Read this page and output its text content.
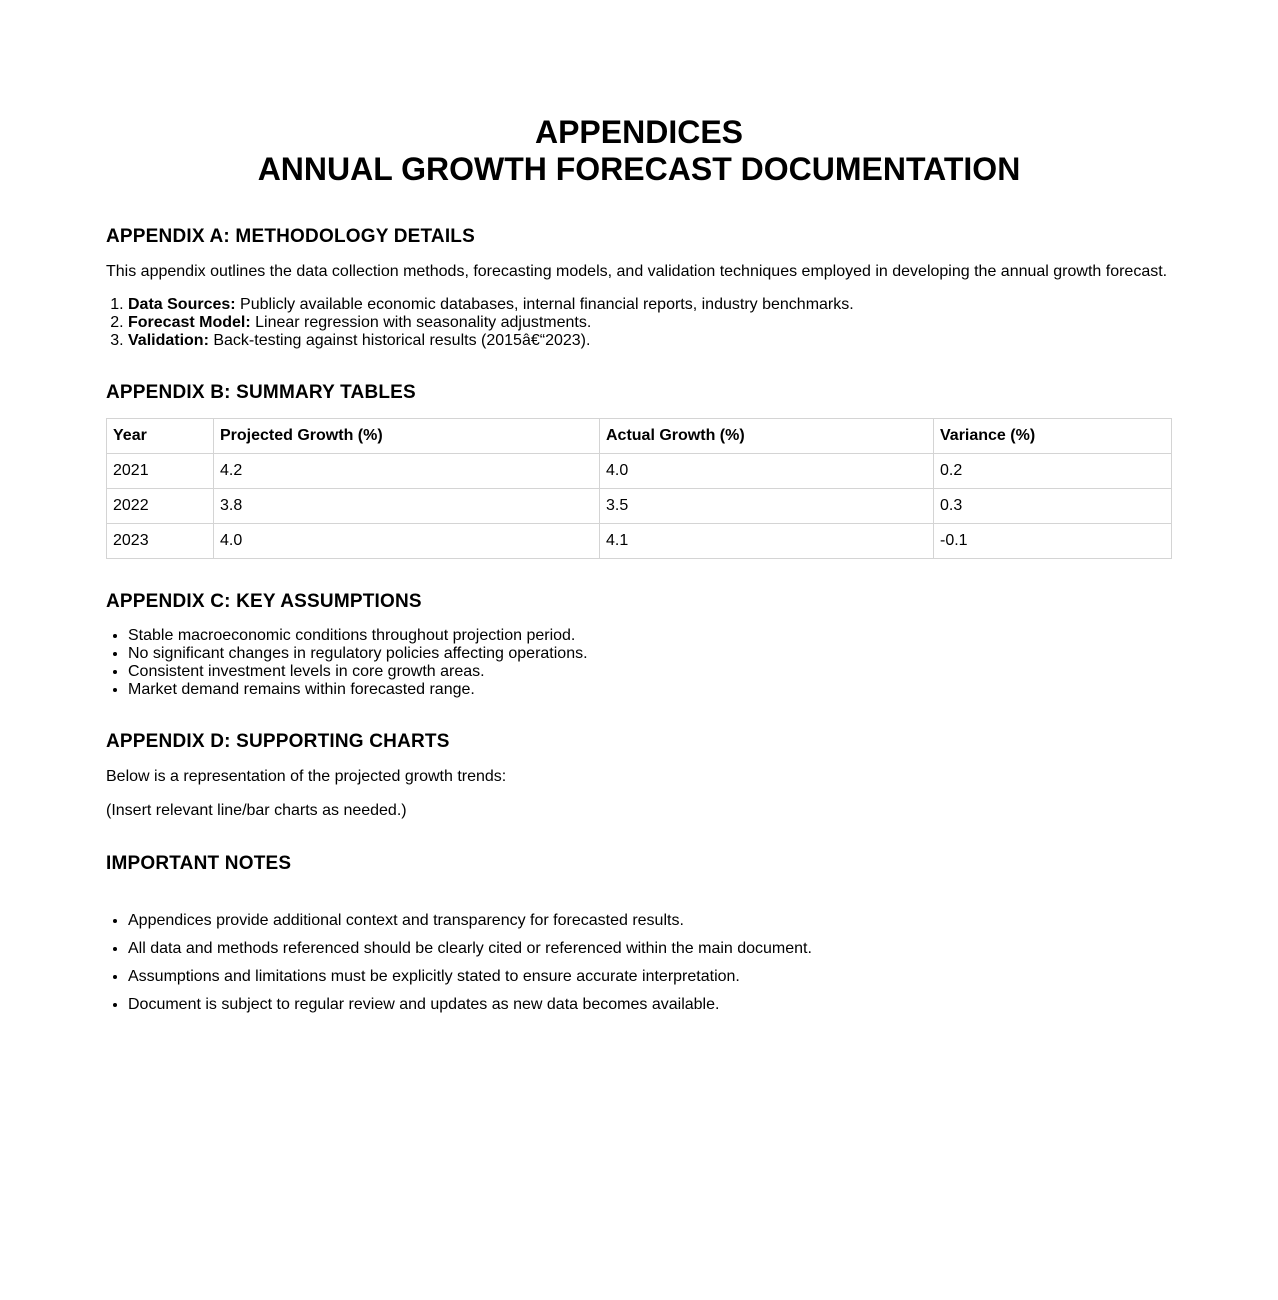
APPENDICES
ANNUAL GROWTH FORECAST DOCUMENTATION
APPENDIX A: METHODOLOGY DETAILS

This appendix outlines the data collection methods, forecasting models, and validation techniques employed in developing the annual growth forecast.

1. Data Sources: Publicly available economic databases, internal financial reports, industry benchmarks.
2. Forecast Model: Linear regression with seasonality adjustments.
3. Validation: Back-testing against historical results (2015â€“2023).
APPENDIX B: SUMMARY TABLES
Year	Projected Growth (%)	Actual Growth (%)	Variance (%)
2021	4.2	4.0	0.2
2022	3.8	3.5	0.3
2023	4.0	4.1	-0.1
APPENDIX C: KEY ASSUMPTIONS
• Stable macroeconomic conditions throughout projection period.
• No significant changes in regulatory policies affecting operations.
• Consistent investment levels in core growth areas.
• Market demand remains within forecasted range.
APPENDIX D: SUPPORTING CHARTS

Below is a representation of the projected growth trends:

(Insert relevant line/bar charts as needed.)

IMPORTANT NOTES
• Appendices provide additional context and transparency for forecasted results.
• All data and methods referenced should be clearly cited or referenced within the main document.
• Assumptions and limitations must be explicitly stated to ensure accurate interpretation.
• Document is subject to regular review and updates as new data becomes available.
